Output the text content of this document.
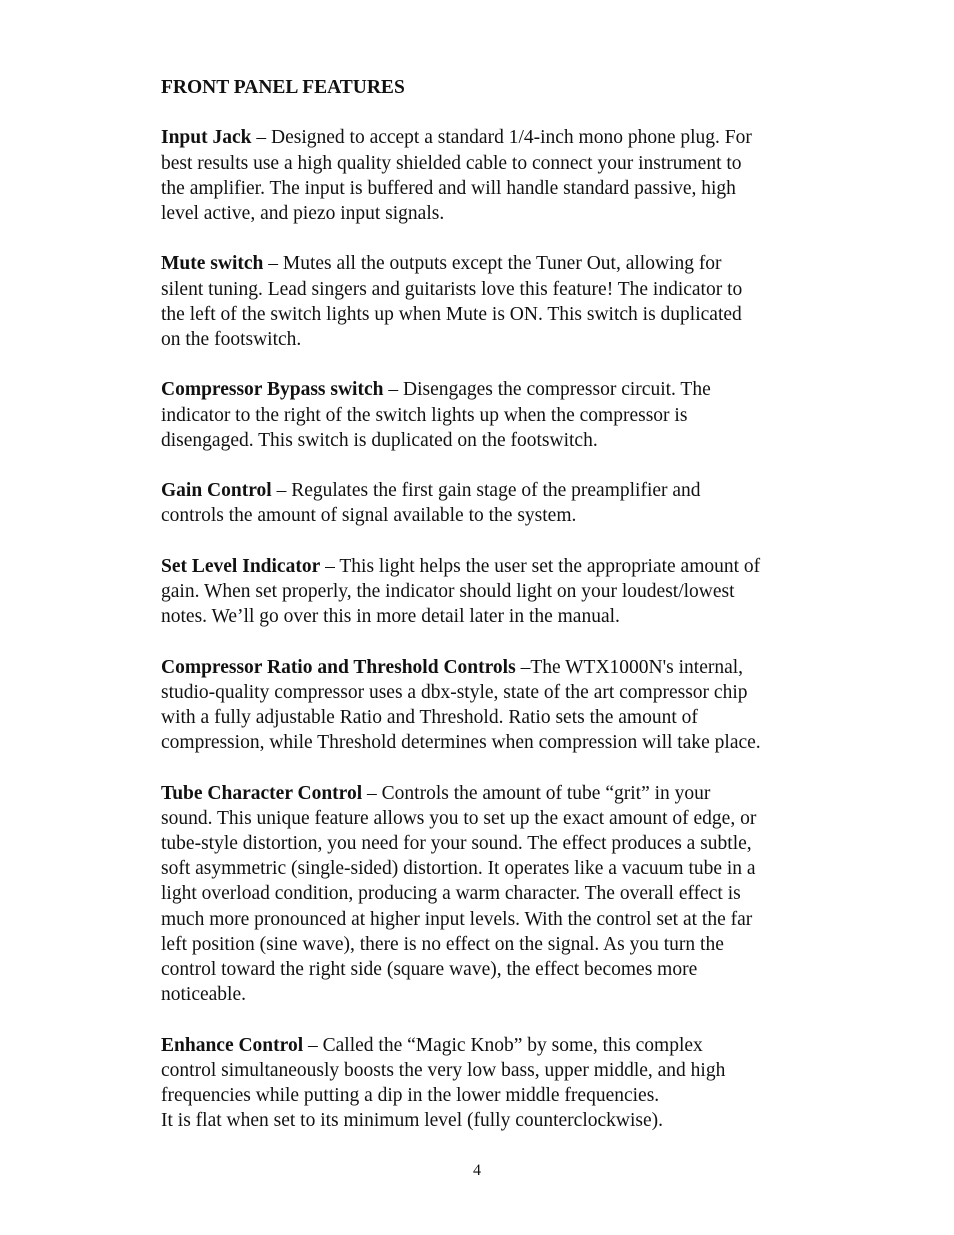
FRONT PANEL FEATURES
Input Jack – Designed to accept a standard 1/4-inch mono phone plug. For
best results use a high quality shielded cable to connect your instrument to
the amplifier. The input is buffered and will handle standard passive, high
level active, and piezo input signals.
Mute switch – Mutes all the outputs except the Tuner Out, allowing for
silent tuning. Lead singers and guitarists love this feature! The indicator to
the left of the switch lights up when Mute is ON. This switch is duplicated
on the footswitch.
Compressor Bypass switch – Disengages the compressor circuit. The
indicator to the right of the switch lights up when the compressor is
disengaged. This switch is duplicated on the footswitch.
Gain Control – Regulates the first gain stage of the preamplifier and
controls the amount of signal available to the system.
Set Level Indicator – This light helps the user set the appropriate amount of
gain. When set properly, the indicator should light on your loudest/lowest
notes. We’ll go over this in more detail later in the manual.
Compressor Ratio and Threshold Controls –The WTX1000N's internal,
studio-quality compressor uses a dbx-style, state of the art compressor chip
with a fully adjustable Ratio and Threshold. Ratio sets the amount of
compression, while Threshold determines when compression will take place.
Tube Character Control – Controls the amount of tube “grit” in your
sound. This unique feature allows you to set up the exact amount of edge, or
tube-style distortion, you need for your sound. The effect produces a subtle,
soft asymmetric (single-sided) distortion. It operates like a vacuum tube in a
light overload condition, producing a warm character. The overall effect is
much more pronounced at higher input levels. With the control set at the far
left position (sine wave), there is no effect on the signal. As you turn the
control toward the right side (square wave), the effect becomes more
noticeable.
Enhance Control – Called the “Magic Knob” by some, this complex
control simultaneously boosts the very low bass, upper middle, and high
frequencies while putting a dip in the lower middle frequencies.
It is flat when set to its minimum level (fully counterclockwise).
4
